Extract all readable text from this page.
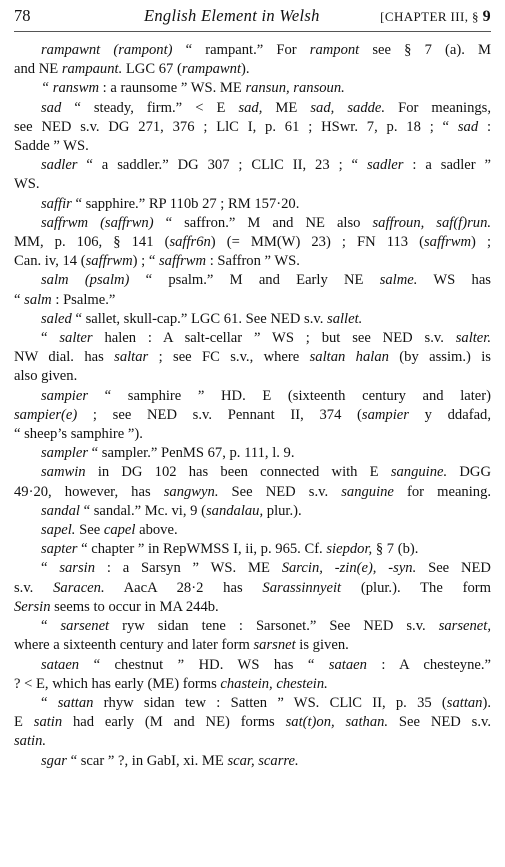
78	English Element in Welsh	[CHAPTER III, § 9
rampawnt (rampont) “ rampant.” For rampont see § 7 (a). M
and NE rampaunt. LGC 67 (rampawnt).
“ ranswm : a raunsome ” WS. ME ransun, ransoun.
sad “ steady, firm.” < E sad, ME sad, sadde. For meanings,
see NED s.v. DG 271, 376 ; LlC I, p. 61 ; HSwr. 7, p. 18 ; “ sad :
Sadde ” WS.
sadler “ a saddler.” DG 307 ; CLlC II, 23 ; “ sadler : a sadler ”
WS.
saffir “ sapphire.” RP 110b 27 ; RM 157·20.
saffrwm (saffrwn) “ saffron.” M and NE also saffroun, saf(f)run.
MM, p. 106, § 141 (saffr6n) (= MM(W) 23) ; FN 113 (saffrwm) ;
Can. iv, 14 (saffrwm) ; “ saffrwm : Saffron ” WS.
salm (psalm) “ psalm.” M and Early NE salme. WS has
“ salm : Psalme.”
saled “ sallet, skull-cap.” LGC 61. See NED s.v. sallet.
“ salter halen : A salt-cellar ” WS ; but see NED s.v. salter.
NW dial. has saltar ; see FC s.v., where saltan halan (by assim.) is
also given.
sampier “ samphire ” HD. E (sixteenth century and later)
sampier(e) ; see NED s.v. Pennant II, 374 (sampier y ddafad,
“ sheep’s samphire ”).
sampler “ sampler.” PenMS 67, p. 111, l. 9.
samwin in DG 102 has been connected with E sanguine. DGG
49·20, however, has sangwyn. See NED s.v. sanguine for meaning.
sandal “ sandal.” Mc. vi, 9 (sandalau, plur.).
sapel. See capel above.
sapter “ chapter ” in RepWMSS I, ii, p. 965. Cf. siepdor, § 7 (b).
“ sarsin : a Sarsyn ” WS. ME Sarcin, -zin(e), -syn. See NED
s.v. Saracen. AacA 28·2 has Sarassinnyeit (plur.). The form
Sersin seems to occur in MA 244b.
“ sarsenet ryw sidan tene : Sarsonet.” See NED s.v. sarsenet,
where a sixteenth century and later form sarsnet is given.
sataen “ chestnut ” HD. WS has “ sataen : A chesteyne.”
? < E, which has early (ME) forms chastein, chestein.
“ sattan rhyw sidan tew : Satten ” WS. CLlC II, p. 35 (sattan).
E satin had early (M and NE) forms sat(t)on, sathan. See NED s.v.
satin.
sgar “ scar ” ?, in GabI, xi. ME scar, scarre.
